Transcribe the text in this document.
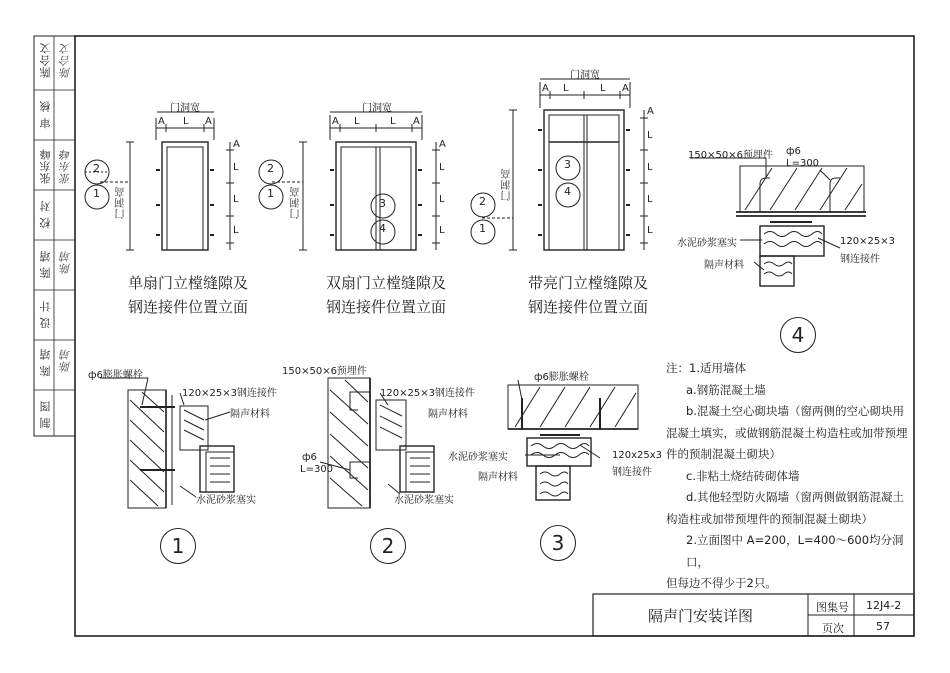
陈合文 陈合文
审 核
张东峰 张东峰
校 对
陈 靖 陈靖
设 计
陈 靖 陈靖
制 图
门洞宽
A L A
门洞高
A
L
L
L
门洞宽
A L	L A
门洞高
A
L
L
L
门洞宽
A L	L A
门洞高
A
L
L
L
L
2
1
2
1
3
4
2
1
3
4
单扇门立樘缝隙及
钢连接件位置立面
双扇门立樘缝隙及
钢连接件位置立面
带亮门立樘缝隙及
钢连接件位置立面
ф6膨胀螺栓
120×25×3钢连接件
隔声材料
水泥砂浆塞实
1
150×50×6预埋件
120×25×3钢连接件
隔声材料
ф6
L=300
水泥砂浆塞实
2
ф6膨胀螺栓
水泥砂浆塞实
隔声材料
120x25x3
钢连接件
3
150×50×6预埋件 ф6
L=300
水泥砂浆塞实
隔声材料
120×25×3
钢连接件
4
注：1.适用墙体
a.钢筋混凝土墙
b.混凝土空心砌块墙（窗两侧的空心砌块用
混凝土填实，或做钢筋混凝土构造柱或加带预埋
件的预制混凝土砌块）
c.非粘土烧结砖砌体墙
d.其他轻型防火隔墙（窗两侧做钢筋混凝土
构造柱或加带预埋件的预制混凝土砌块）
2.立面图中 A=200，L=400～600均分洞口，
但每边不得少于2只。
隔声门安装详图	图集号 12J4-2
页次	57
